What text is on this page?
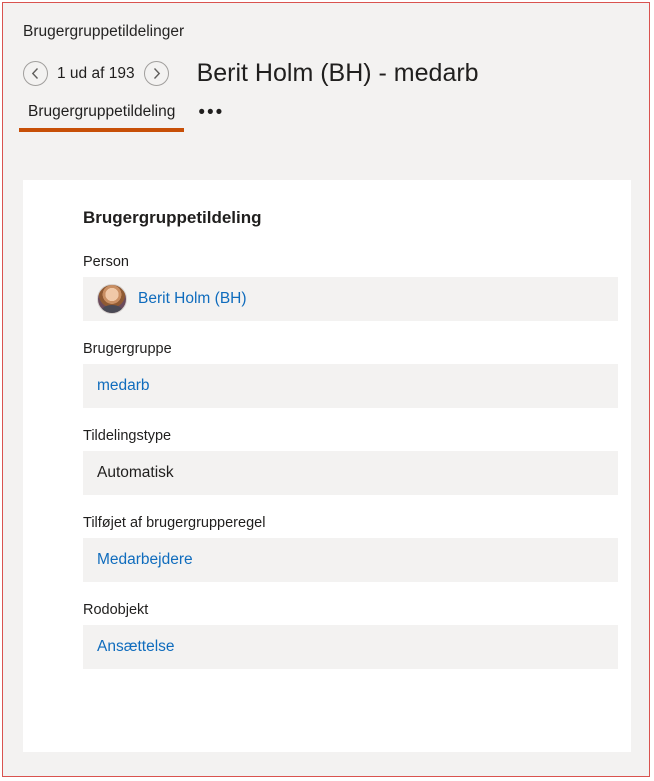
Brugergruppetildelinger
1 ud af 193 Berit Holm (BH) - medarb
Brugergruppetildeling	•••
Brugergruppetildeling
Person
Berit Holm (BH)
Brugergruppe
medarb
Tildelingstype
Automatisk
Tilføjet af brugergrupperegel
Medarbejdere
Rodobjekt
Ansættelse
